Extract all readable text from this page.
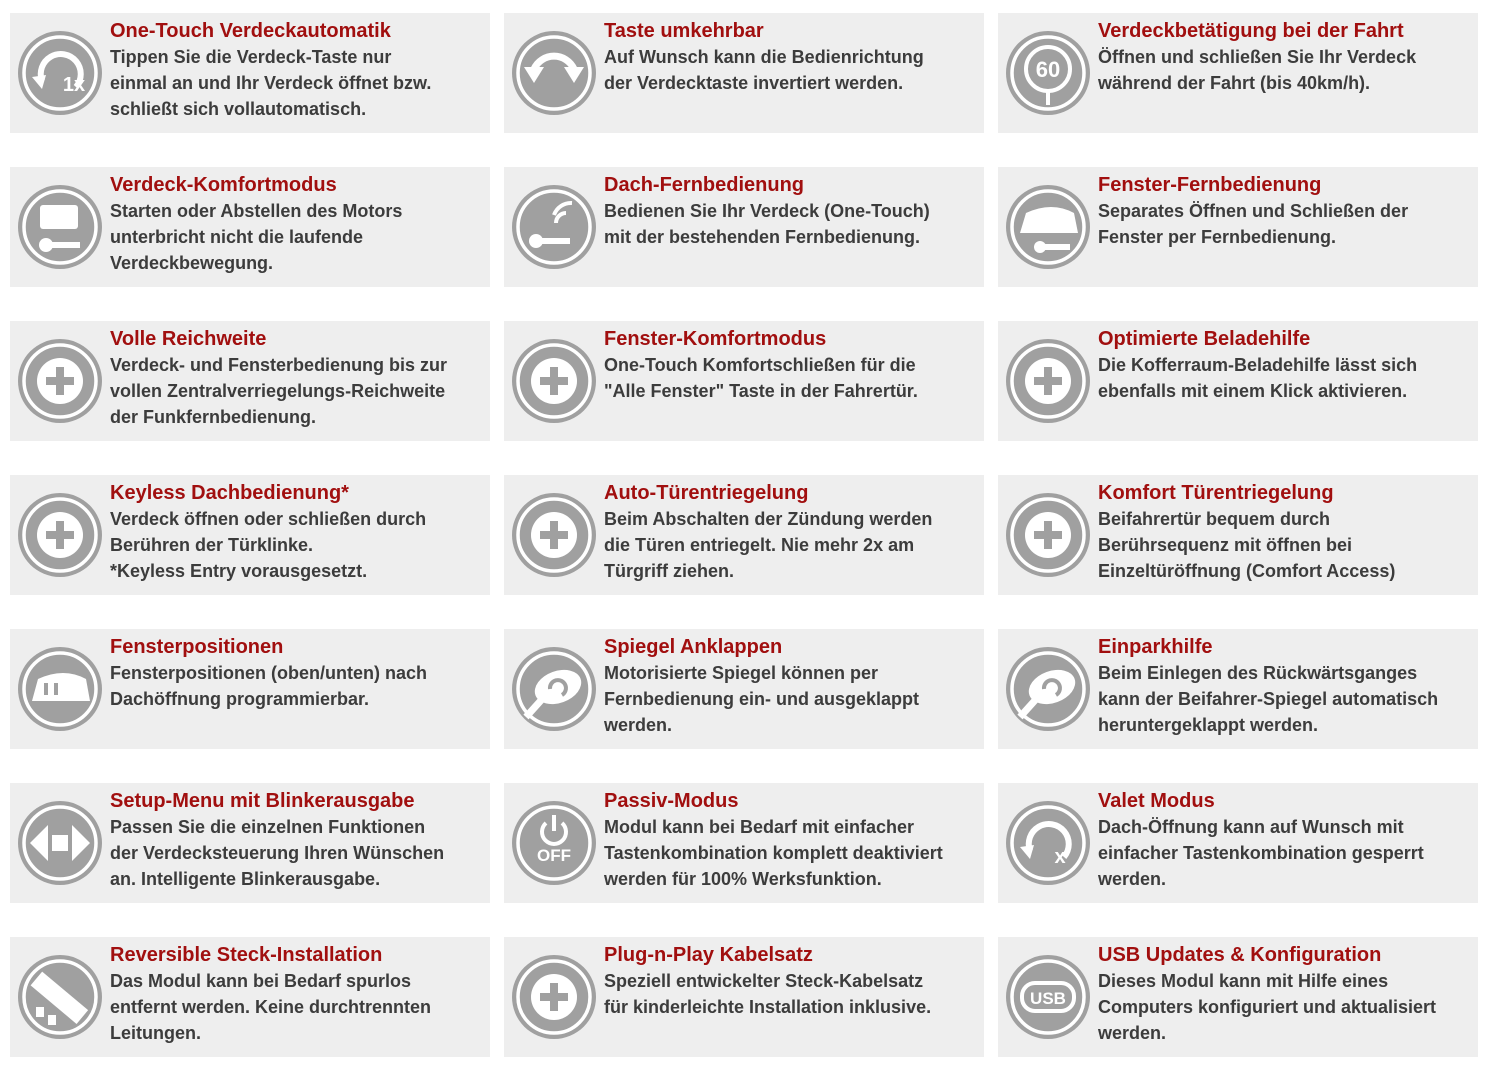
1x
One-Touch Verdeckautomatik
Tippen Sie die Verdeck-Taste nur
einmal an und Ihr Verdeck öffnet bzw.
schließt sich vollautomatisch.
Taste umkehrbar
Auf Wunsch kann die Bedienrichtung
der Verdecktaste invertiert werden.
60
Verdeckbetätigung bei der Fahrt
Öffnen und schließen Sie Ihr Verdeck
während der Fahrt (bis 40km/h).
Verdeck-Komfortmodus
Starten oder Abstellen des Motors
unterbricht nicht die laufende
Verdeckbewegung.
Dach-Fernbedienung
Bedienen Sie Ihr Verdeck (One-Touch)
mit der bestehenden Fernbedienung.
Fenster-Fernbedienung
Separates Öffnen und Schließen der
Fenster per Fernbedienung.
Volle Reichweite
Verdeck- und Fensterbedienung bis zur
vollen Zentralverriegelungs-Reichweite
der Funkfernbedienung.
Fenster-Komfortmodus
One-Touch Komfortschließen für die
"Alle Fenster" Taste in der Fahrertür.
Optimierte Beladehilfe
Die Kofferraum-Beladehilfe lässt sich
ebenfalls mit einem Klick aktivieren.
Keyless Dachbedienung*
Verdeck öffnen oder schließen durch
Berühren der Türklinke.
*Keyless Entry vorausgesetzt.
Auto-Türentriegelung
Beim Abschalten der Zündung werden
die Türen entriegelt. Nie mehr 2x am
Türgriff ziehen.
Komfort Türentriegelung
Beifahrertür bequem durch
Berührsequenz mit öffnen bei
Einzeltüröffnung (Comfort Access)
Fensterpositionen
Fensterpositionen (oben/unten) nach
Dachöffnung programmierbar.
Spiegel Anklappen
Motorisierte Spiegel können per
Fernbedienung ein- und ausgeklappt
werden.
Einparkhilfe
Beim Einlegen des Rückwärtsganges
kann der Beifahrer-Spiegel automatisch
heruntergeklappt werden.
Setup-Menu mit Blinkerausgabe
Passen Sie die einzelnen Funktionen
der Verdecksteuerung Ihren Wünschen
an. Intelligente Blinkerausgabe.
OFF
Passiv-Modus
Modul kann bei Bedarf mit einfacher
Tastenkombination komplett deaktiviert
werden für 100% Werksfunktion.
x
Valet Modus
Dach-Öffnung kann auf Wunsch mit
einfacher Tastenkombination gesperrt
werden.
Reversible Steck-Installation
Das Modul kann bei Bedarf spurlos
entfernt werden. Keine durchtrennten
Leitungen.
Plug-n-Play Kabelsatz
Speziell entwickelter Steck-Kabelsatz
für kinderleichte Installation inklusive.	USB
USB Updates & Konfiguration
Dieses Modul kann mit Hilfe eines
Computers konfiguriert und aktualisiert
werden.
